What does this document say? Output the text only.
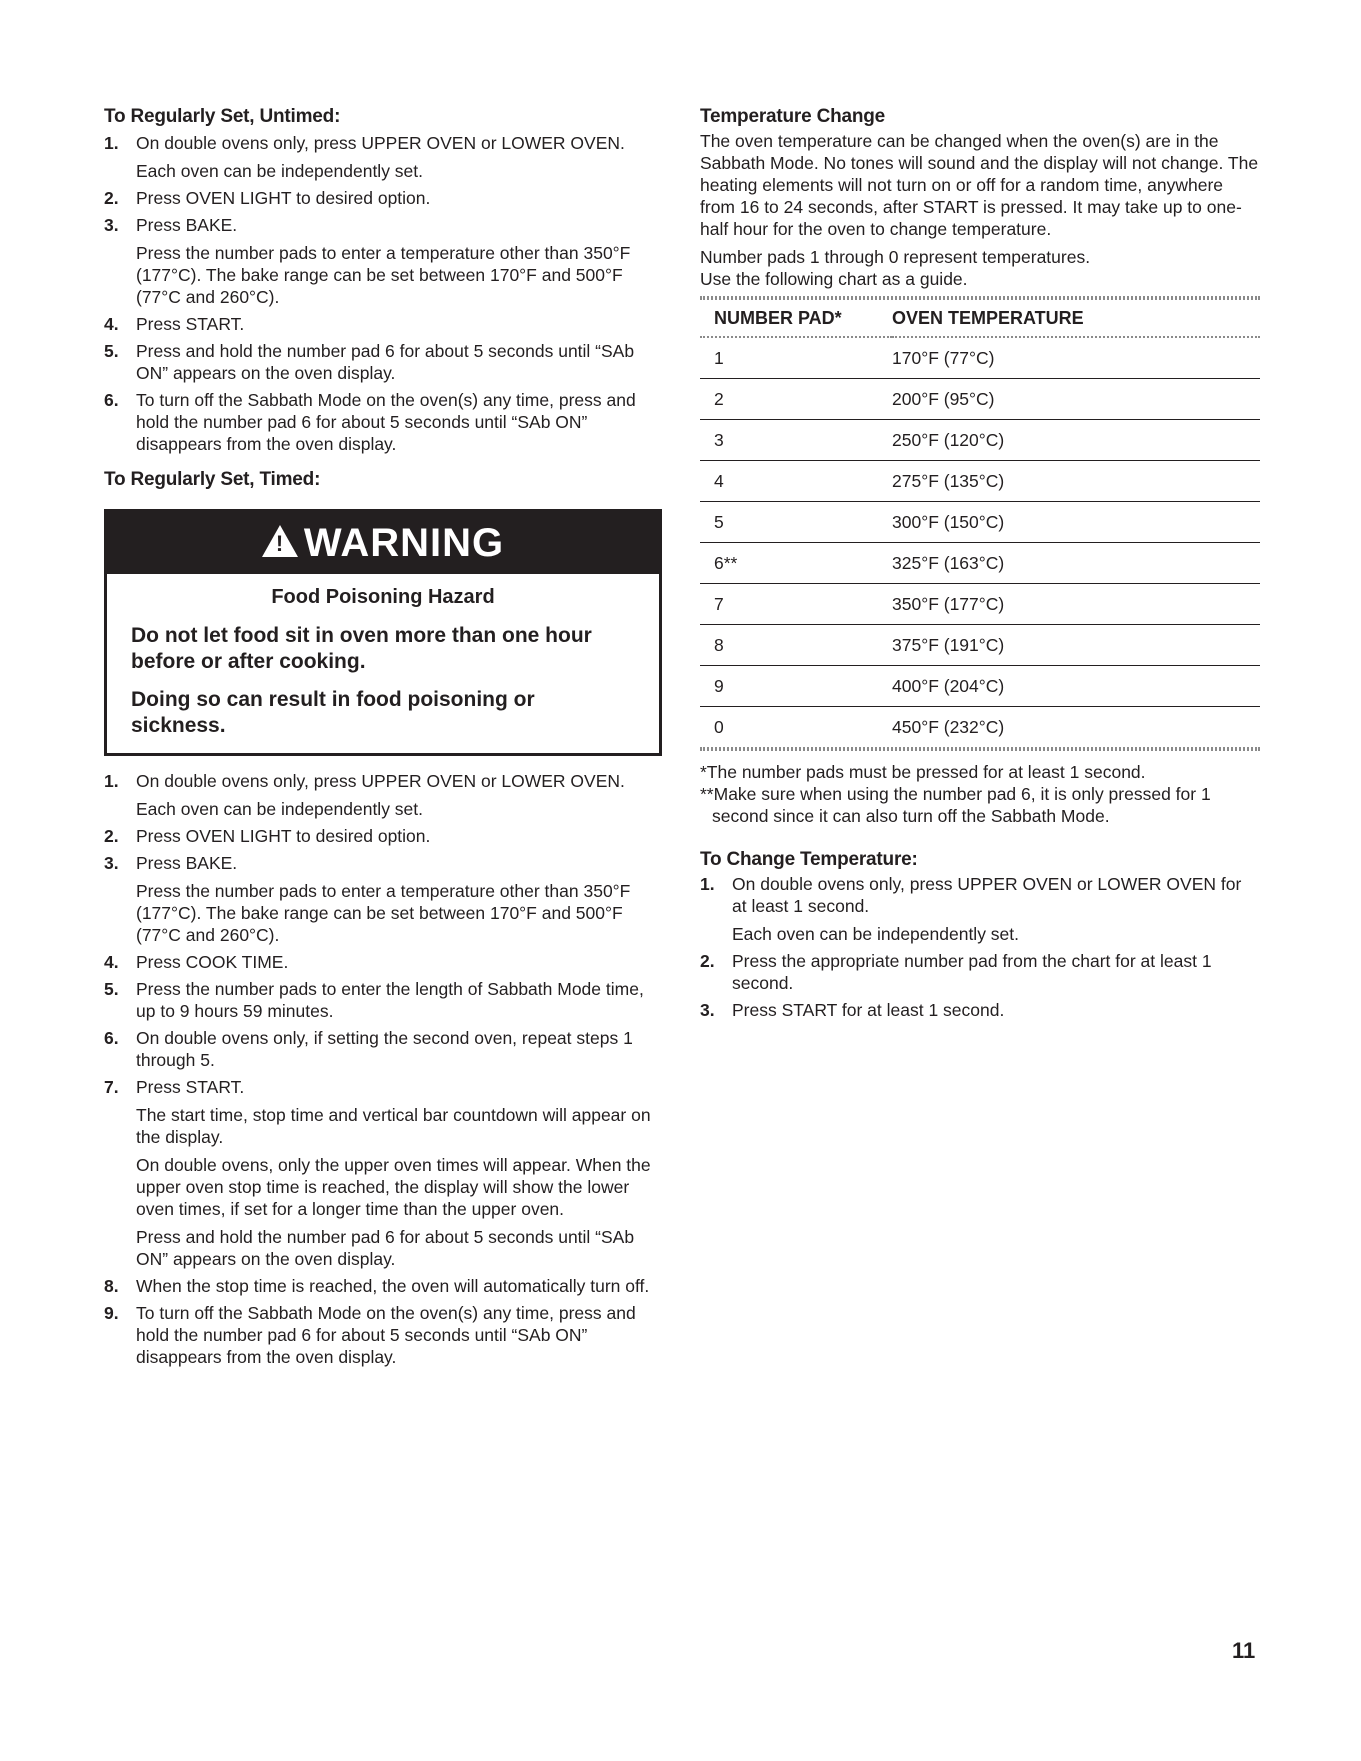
To Regularly Set, Untimed:
1. On double ovens only, press UPPER OVEN or LOWER OVEN.

Each oven can be independently set.

2. Press OVEN LIGHT to desired option.

3. Press BAKE.

Press the number pads to enter a temperature other than 350°F (177°C). The bake range can be set between 170°F and 500°F (77°C and 260°C).

4. Press START.

5. Press and hold the number pad 6 for about 5 seconds until “SAb ON” appears on the oven display.

6. To turn off the Sabbath Mode on the oven(s) any time, press and hold the number pad 6 for about 5 seconds until “SAb ON” disappears from the oven display.

To Regularly Set, Timed:
! WARNING
Food Poisoning Hazard
Do not let food sit in oven more than one hour before or after cooking.
Doing so can result in food poisoning or sickness.
1. On double ovens only, press UPPER OVEN or LOWER OVEN.

Each oven can be independently set.

2. Press OVEN LIGHT to desired option.

3. Press BAKE.

Press the number pads to enter a temperature other than 350°F (177°C). The bake range can be set between 170°F and 500°F (77°C and 260°C).

4. Press COOK TIME.

5. Press the number pads to enter the length of Sabbath Mode time, up to 9 hours 59 minutes.

6. On double ovens only, if setting the second oven, repeat steps 1 through 5.

7. Press START.

The start time, stop time and vertical bar countdown will appear on the display.

On double ovens, only the upper oven times will appear. When the upper oven stop time is reached, the display will show the lower oven times, if set for a longer time than the upper oven.

Press and hold the number pad 6 for about 5 seconds until “SAb ON” appears on the oven display.

8. When the stop time is reached, the oven will automatically turn off.

9. To turn off the Sabbath Mode on the oven(s) any time, press and hold the number pad 6 for about 5 seconds until “SAb ON” disappears from the oven display.

Temperature Change

The oven temperature can be changed when the oven(s) are in the Sabbath Mode. No tones will sound and the display will not change. The heating elements will not turn on or off for a random time, anywhere from 16 to 24 seconds, after START is pressed. It may take up to one-half hour for the oven to change temperature.

Number pads 1 through 0 represent temperatures.

Use the following chart as a guide.

NUMBER PAD*	OVEN TEMPERATURE
1	170°F (77°C)
2	200°F (95°C)
3	250°F (120°C)
4	275°F (135°C)
5	300°F (150°C)
6**	325°F (163°C)
7	350°F (177°C)
8	375°F (191°C)
9	400°F (204°C)
0	450°F (232°C)
*The number pads must be pressed for at least 1 second.
**Make sure when using the number pad 6, it is only pressed for 1 second since it can also turn off the Sabbath Mode.
To Change Temperature:
1. On double ovens only, press UPPER OVEN or LOWER OVEN for at least 1 second.

Each oven can be independently set.

2. Press the appropriate number pad from the chart for at least 1 second.

3. Press START for at least 1 second.

11
